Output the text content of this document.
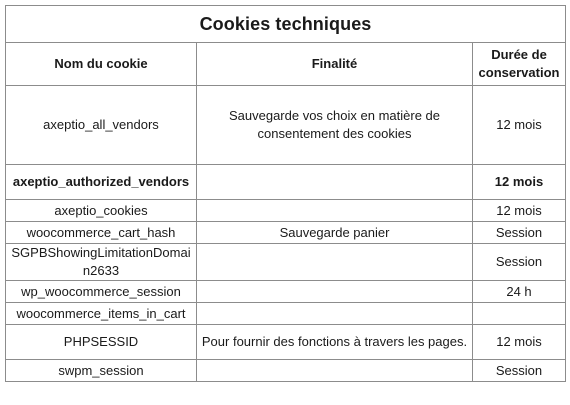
Cookies techniques		
Nom du cookie	Finalité	Durée de conservation
axeptio_all_vendors	Sauvegarde vos choix en matière de consentement des cookies	12 mois
axeptio_authorized_vendors		12 mois
axeptio_cookies		12 mois
woocommerce_cart_hash	Sauvegarde panier	Session
SGPBShowingLimitationDomain2633		Session
wp_woocommerce_session		24 h
woocommerce_items_in_cart		
PHPSESSID	Pour fournir des fonctions à travers les pages.	12 mois
swpm_session		Session
